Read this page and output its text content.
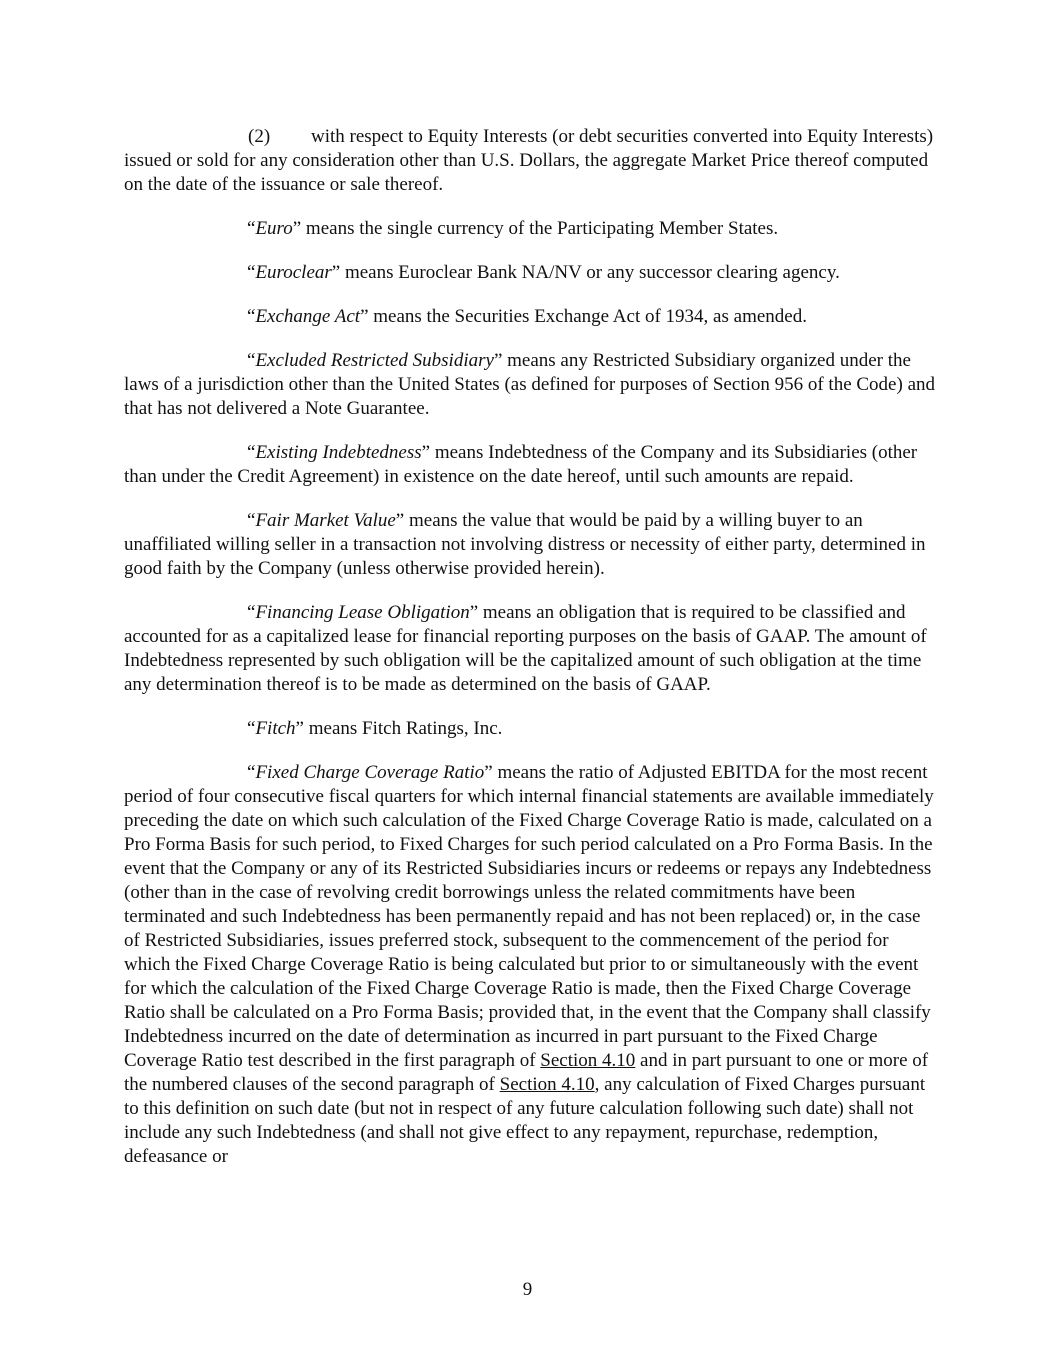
(2) with respect to Equity Interests (or debt securities converted into Equity Interests) issued or sold for any consideration other than U.S. Dollars, the aggregate Market Price thereof computed on the date of the issuance or sale thereof.

“Euro” means the single currency of the Participating Member States.

“Euroclear” means Euroclear Bank NA/NV or any successor clearing agency.

“Exchange Act” means the Securities Exchange Act of 1934, as amended.

“Excluded Restricted Subsidiary” means any Restricted Subsidiary organized under the laws of a jurisdiction other than the United States (as defined for purposes of Section 956 of the Code) and that has not delivered a Note Guarantee.

“Existing Indebtedness” means Indebtedness of the Company and its Subsidiaries (other than under the Credit Agreement) in existence on the date hereof, until such amounts are repaid.

“Fair Market Value” means the value that would be paid by a willing buyer to an unaffiliated willing seller in a transaction not involving distress or necessity of either party, determined in good faith by the Company (unless otherwise provided herein).

“Financing Lease Obligation” means an obligation that is required to be classified and accounted for as a capitalized lease for financial reporting purposes on the basis of GAAP. The amount of Indebtedness represented by such obligation will be the capitalized amount of such obligation at the time any determination thereof is to be made as determined on the basis of GAAP.

“Fitch” means Fitch Ratings, Inc.

“Fixed Charge Coverage Ratio” means the ratio of Adjusted EBITDA for the most recent period of four consecutive fiscal quarters for which internal financial statements are available immediately preceding the date on which such calculation of the Fixed Charge Coverage Ratio is made, calculated on a Pro Forma Basis for such period, to Fixed Charges for such period calculated on a Pro Forma Basis. In the event that the Company or any of its Restricted Subsidiaries incurs or redeems or repays any Indebtedness (other than in the case of revolving credit borrowings unless the related commitments have been terminated and such Indebtedness has been permanently repaid and has not been replaced) or, in the case of Restricted Subsidiaries, issues preferred stock, subsequent to the commencement of the period for which the Fixed Charge Coverage Ratio is being calculated but prior to or simultaneously with the event for which the calculation of the Fixed Charge Coverage Ratio is made, then the Fixed Charge Coverage Ratio shall be calculated on a Pro Forma Basis; provided that, in the event that the Company shall classify Indebtedness incurred on the date of determination as incurred in part pursuant to the Fixed Charge Coverage Ratio test described in the first paragraph of Section 4.10 and in part pursuant to one or more of the numbered clauses of the second paragraph of Section 4.10, any calculation of Fixed Charges pursuant to this definition on such date (but not in respect of any future calculation following such date) shall not include any such Indebtedness (and shall not give effect to any repayment, repurchase, redemption, defeasance or

9
